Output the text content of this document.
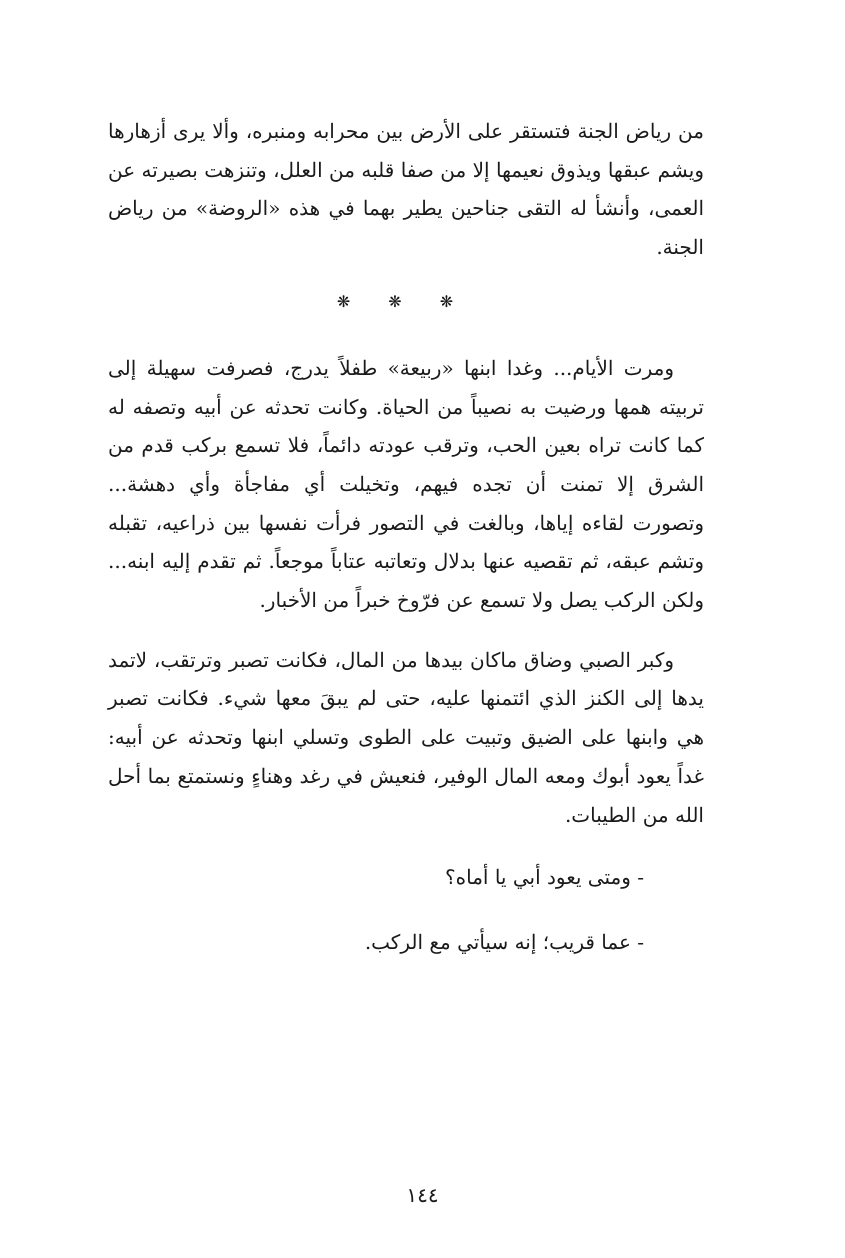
من رياض الجنة فتستقر على الأرض بين محرابه ومنبره، وألا يرى أزهارها ويشم عبقها ويذوق نعيمها إلا من صفا قلبه من العلل، وتنزهت بصيرته عن العمى، وأنشأ له التقى جناحين يطير بهما في هذه «الروضة» من رياض الجنة.

❋ ❋ ❋

ومرت الأيام... وغدا ابنها «ربيعة» طفلاً يدرج، فصرفت سهيلة إلى تربيته همها ورضيت به نصيباً من الحياة. وكانت تحدثه عن أبيه وتصفه له كما كانت تراه بعين الحب، وترقب عودته دائماً، فلا تسمع بركب قدم من الشرق إلا تمنت أن تجده فيهم، وتخيلت أي مفاجأة وأي دهشة... وتصورت لقاءه إياها، وبالغت في التصور فرأت نفسها بين ذراعيه، تقبله وتشم عبقه، ثم تقصيه عنها بدلال وتعاتبه عتاباً موجعاً. ثم تقدم إليه ابنه... ولكن الركب يصل ولا تسمع عن فرّوخ خبراً من الأخبار.

وكبر الصبي وضاق ماكان بيدها من المال، فكانت تصبر وترتقب، لاتمد يدها إلى الكنز الذي ائتمنها عليه، حتى لم يبقَ معها شيء. فكانت تصبر هي وابنها على الضيق وتبيت على الطوى وتسلي ابنها وتحدثه عن أبيه: غداً يعود أبوك ومعه المال الوفير، فنعيش في رغد وهناءٍ ونستمتع بما أحل الله من الطيبات.

- ومتى يعود أبي يا أماه؟

- عما قريب؛ إنه سيأتي مع الركب.

١٤٤
